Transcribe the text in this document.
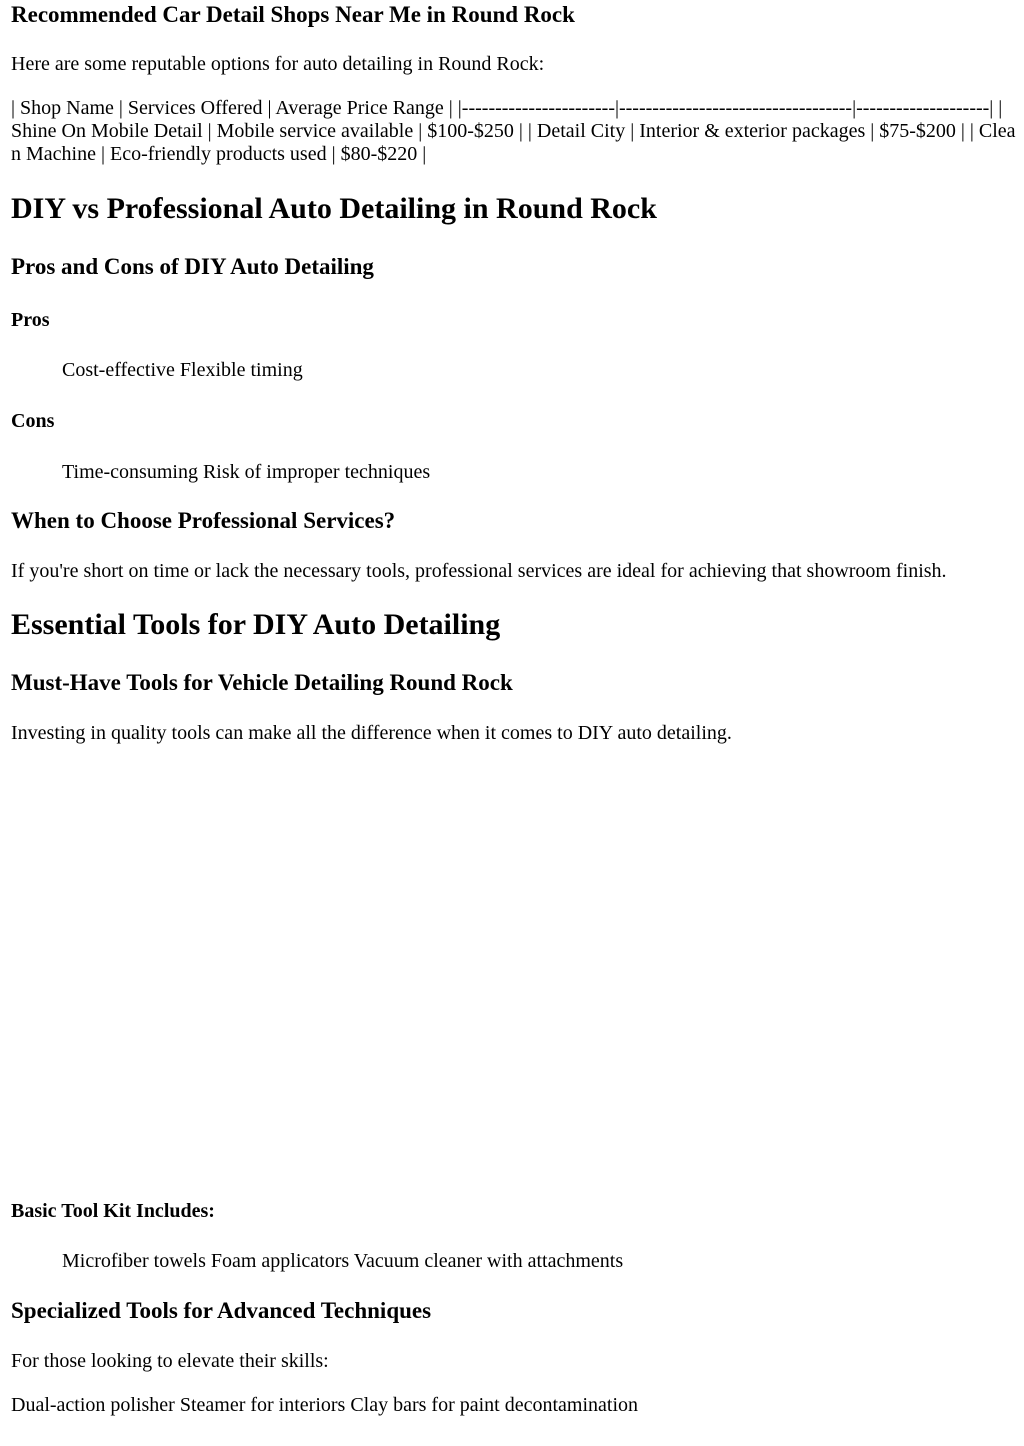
Recommended Car Detail Shops Near Me in Round Rock

Here are some reputable options for auto detailing in Round Rock:

| Shop Name | Services Offered | Average Price Range | |-----------------------|-----------------------------------|--------------------| | Shine On Mobile Detail | Mobile service available | $100-$250 | | Detail City | Interior & exterior packages | $75-$200 | | Clean Machine | Eco-friendly products used | $80-$220 |

DIY vs Professional Auto Detailing in Round Rock
Pros and Cons of DIY Auto Detailing
Pros

Cost-effective Flexible timing

Cons

Time-consuming Risk of improper techniques

When to Choose Professional Services?

If you're short on time or lack the necessary tools, professional services are ideal for achieving that showroom finish.

Essential Tools for DIY Auto Detailing
Must-Have Tools for Vehicle Detailing Round Rock

Investing in quality tools can make all the difference when it comes to DIY auto detailing.

Basic Tool Kit Includes:

Microfiber towels Foam applicators Vacuum cleaner with attachments

Specialized Tools for Advanced Techniques

For those looking to elevate their skills:

Dual-action polisher Steamer for interiors Clay bars for paint decontamination
